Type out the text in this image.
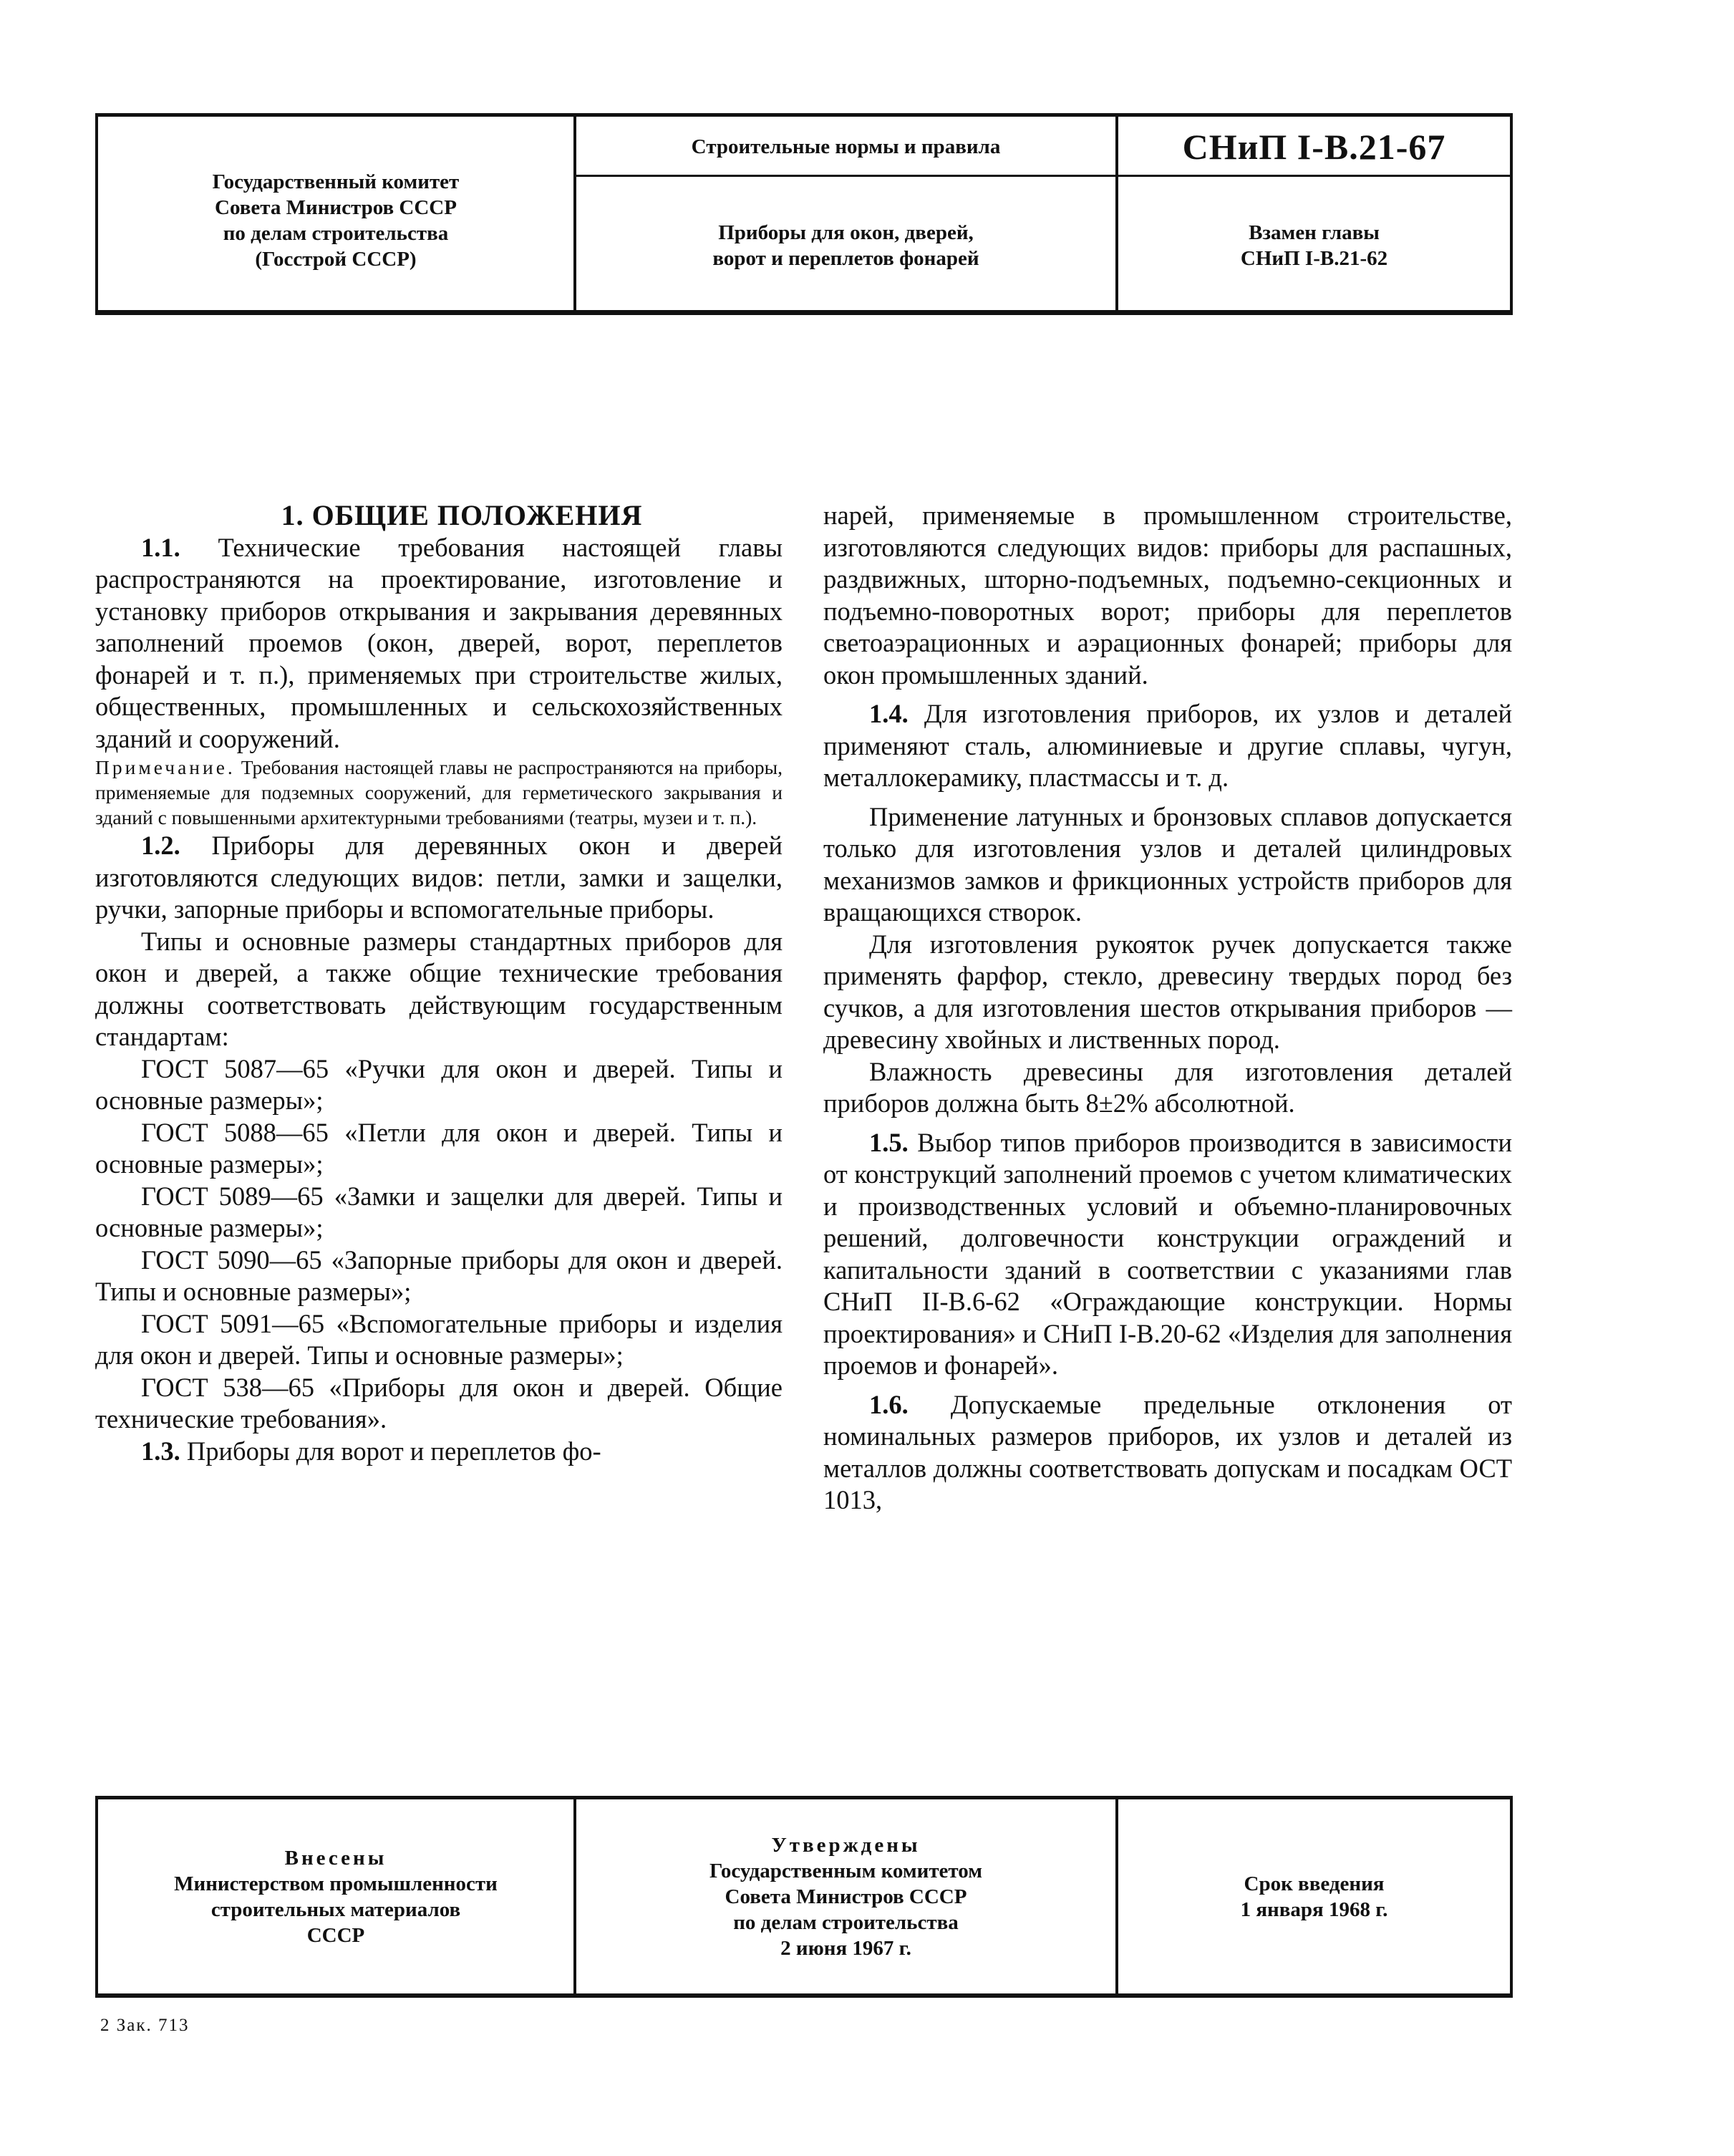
Государственный комитет
Совета Министров СССР
по делам строительства
(Госстрой СССР)
Строительные нормы и правила	СНиП I-B.21-67
Приборы для окон, дверей,
ворот и переплетов фонарей
Взамен главы
СНиП I-B.21-62

1. ОБЩИЕ ПОЛОЖЕНИЯ

1.1. Технические требования настоящей главы распространяются на проектирование, изготовление и установку приборов открывания и закрывания деревянных заполнений проемов (окон, дверей, ворот, переплетов фонарей и т. п.), применяемых при строительстве жилых, общественных, промышленных и сельскохозяйственных зданий и сооружений.

Примечание. Требования настоящей главы не распространяются на приборы, применяемые для подземных сооружений, для герметического закрывания и зданий с повышенными архитектурными требованиями (театры, музеи и т. п.).

1.2. Приборы для деревянных окон и дверей изготовляются следующих видов: петли, замки и защелки, ручки, запорные приборы и вспомогательные приборы.

Типы и основные размеры стандартных приборов для окон и дверей, а также общие технические требования должны соответствовать действующим государственным стандартам:

ГОСТ 5087—65 «Ручки для окон и дверей. Типы и основные размеры»;

ГОСТ 5088—65 «Петли для окон и дверей. Типы и основные размеры»;

ГОСТ 5089—65 «Замки и защелки для дверей. Типы и основные размеры»;

ГОСТ 5090—65 «Запорные приборы для окон и дверей. Типы и основные размеры»;

ГОСТ 5091—65 «Вспомогательные приборы и изделия для окон и дверей. Типы и основные размеры»;

ГОСТ 538—65 «Приборы для окон и дверей. Общие технические требования».

1.3. Приборы для ворот и переплетов фо-

нарей, применяемые в промышленном строительстве, изготовляются следующих видов: приборы для распашных, раздвижных, шторно-подъемных, подъемно-секционных и подъемно-поворотных ворот; приборы для переплетов светоаэрационных и аэрационных фонарей; приборы для окон промышленных зданий.

1.4. Для изготовления приборов, их узлов и деталей применяют сталь, алюминиевые и другие сплавы, чугун, металлокерамику, пластмассы и т. д.

Применение латунных и бронзовых сплавов допускается только для изготовления узлов и деталей цилиндровых механизмов замков и фрикционных устройств приборов для вращающихся створок.

Для изготовления рукояток ручек допускается также применять фарфор, стекло, древесину твердых пород без сучков, а для изготовления шестов открывания приборов — древесину хвойных и лиственных пород.

Влажность древесины для изготовления деталей приборов должна быть 8±2% абсолютной.

1.5. Выбор типов приборов производится в зависимости от конструкций заполнений проемов с учетом климатических и производственных условий и объемно-планировочных решений, долговечности конструкции ограждений и капитальности зданий в соответствии с указаниями глав СНиП II-B.6-62 «Ограждающие конструкции. Нормы проектирования» и СНиП I-B.20-62 «Изделия для заполнения проемов и фонарей».

1.6. Допускаемые предельные отклонения от номинальных размеров приборов, их узлов и деталей из металлов должны соответствовать допускам и посадкам ОСТ 1013,

Внесены
Министерством промышленности
строительных материалов
СССР
Утверждены
Государственным комитетом
Совета Министров СССР
по делам строительства
2 июня 1967 г.
Срок введения
1 января 1968 г.
2 Зак. 713
